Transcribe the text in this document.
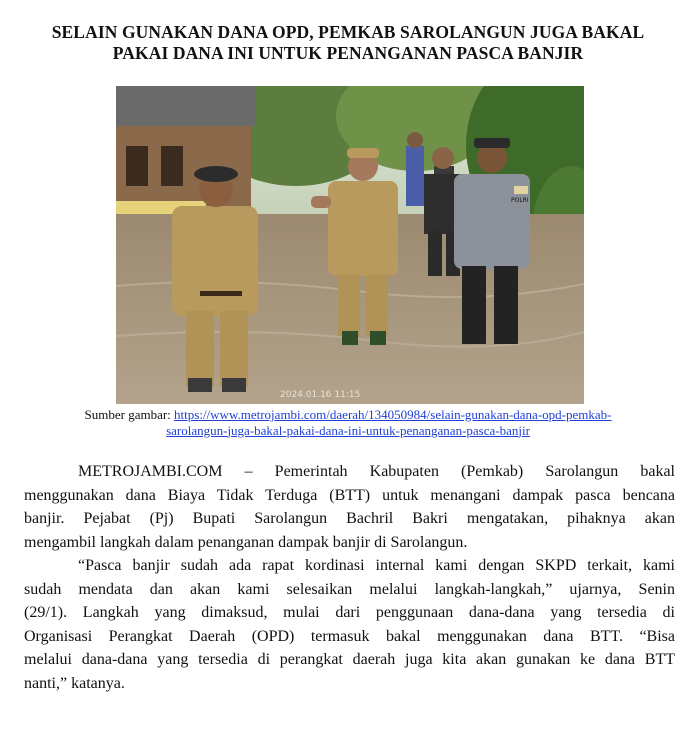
SELAIN GUNAKAN DANA OPD, PEMKAB SAROLANGUN JUGA BAKAL
PAKAI DANA INI UNTUK PENANGANAN PASCA BANJIR
POLRI
2024.01.16 11:15
Sumber gambar: https://www.metrojambi.com/daerah/134050984/selain-gunakan-dana-opd-pemkab-
sarolangun-juga-bakal-pakai-dana-ini-untuk-penanganan-pasca-banjir
METROJAMBI.COM – Pemerintah Kabupaten (Pemkab) Sarolangun bakal
menggunakan dana Biaya Tidak Terduga (BTT) untuk menangani dampak pasca bencana
banjir. Pejabat (Pj) Bupati Sarolangun Bachril Bakri mengatakan, pihaknya akan
mengambil langkah dalam penanganan dampak banjir di Sarolangun.
“Pasca banjir sudah ada rapat kordinasi internal kami dengan SKPD terkait, kami
sudah mendata dan akan kami selesaikan melalui langkah-langkah,” ujarnya, Senin
(29/1). Langkah yang dimaksud, mulai dari penggunaan dana-dana yang tersedia di
Organisasi Perangkat Daerah (OPD) termasuk bakal menggunakan dana BTT. “Bisa
melalui dana-dana yang tersedia di perangkat daerah juga kita akan gunakan ke dana BTT
nanti,” katanya.
